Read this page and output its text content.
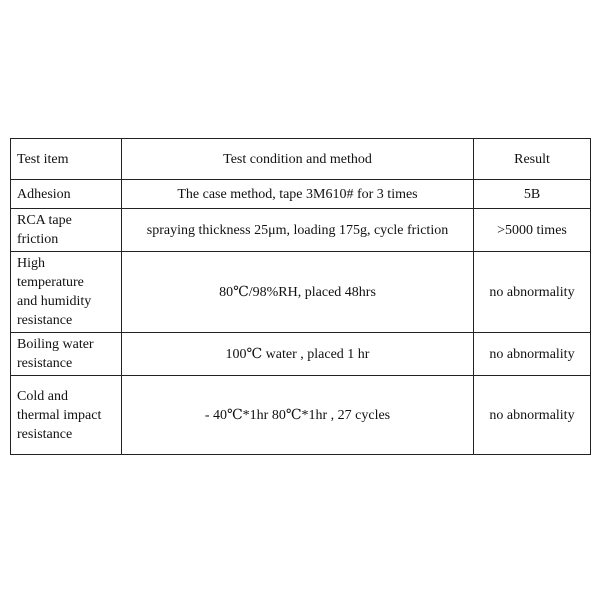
Test item	Test condition and method	Result
Adhesion	The case method, tape 3M610# for 3 times	5B
RCA tape
friction	spraying thickness 25μm, loading 175g, cycle friction	>5000 times
High
temperature
and humidity
resistance	80℃/98%RH, placed 48hrs	no abnormality
Boiling water
resistance	100℃ water , placed 1 hr	no abnormality
Cold and
thermal impact
resistance	- 40℃*1hr 80℃*1hr , 27 cycles	no abnormality
